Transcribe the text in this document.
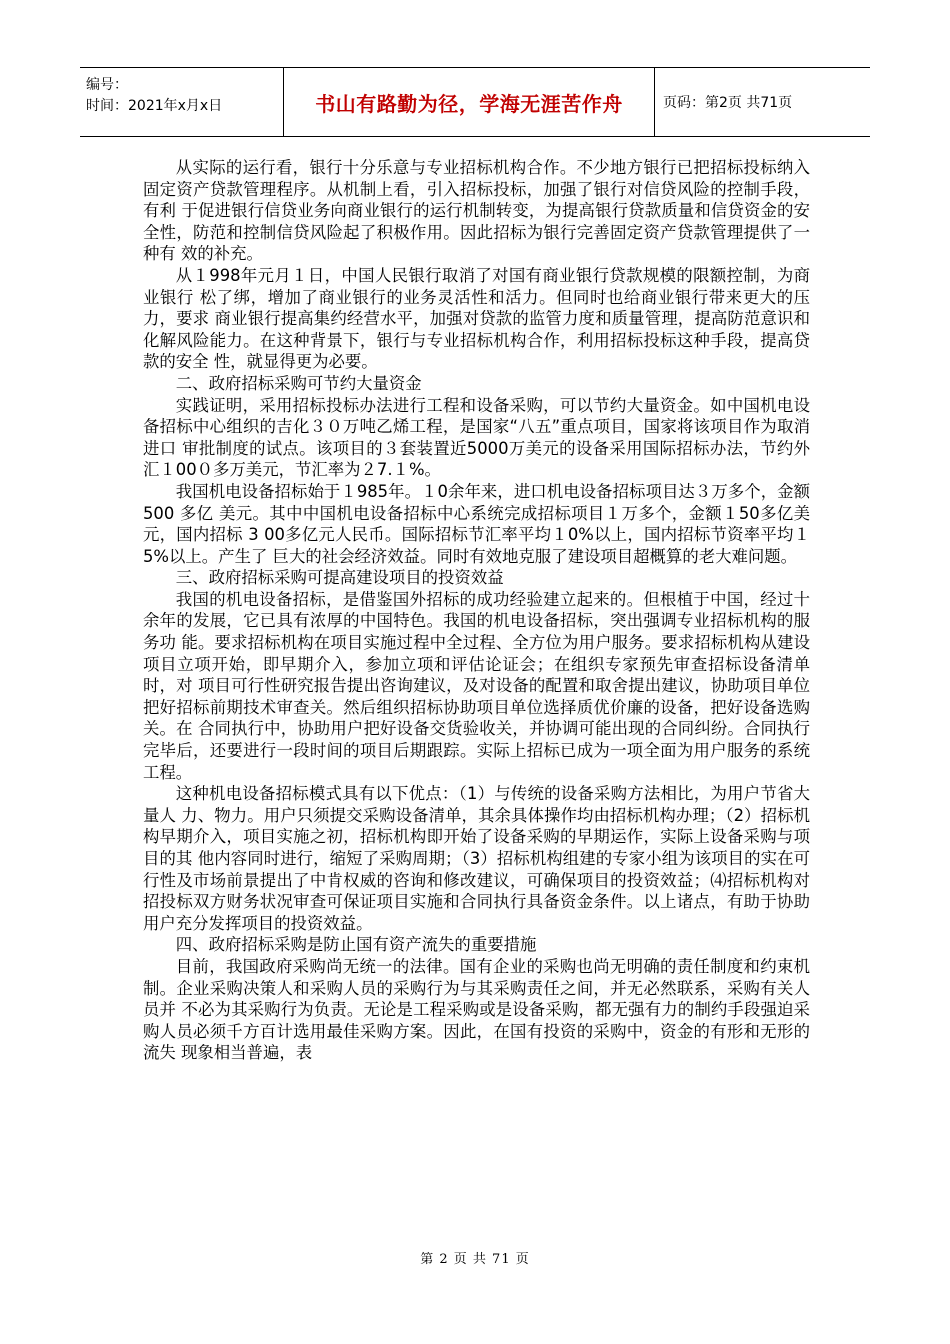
编号：
时间：2021年x月x日	书山有路勤为径，学海无涯苦作舟	页码：第2页 共71页

从实际的运行看，银行十分乐意与专业招标机构合作。不少地方银行已把招标投标纳入固定资产贷款管理程序。从机制上看，引入招标投标，加强了银行对信贷风险的控制手段，有利 于促进银行信贷业务向商业银行的运行机制转变，为提高银行贷款质量和信贷资金的安全性，防范和控制信贷风险起了积极作用。因此招标为银行完善固定资产贷款管理提供了一种有 效的补充。

从１998年元月１日，中国人民银行取消了对国有商业银行贷款规模的限额控制，为商业银行 松了绑，增加了商业银行的业务灵活性和活力。但同时也给商业银行带来更大的压力，要求 商业银行提高集约经营水平，加强对贷款的监管力度和质量管理，提高防范意识和化解风险能力。在这种背景下，银行与专业招标机构合作，利用招标投标这种手段，提高贷款的安全 性，就显得更为必要。

二、政府招标采购可节约大量资金

实践证明，采用招标投标办法进行工程和设备采购，可以节约大量资金。如中国机电设备招标中心组织的吉化３０万吨乙烯工程，是国家“八五”重点项目，国家将该项目作为取消进口 审批制度的试点。该项目的３套装置近5000万美元的设备采用国际招标办法，节约外汇１00０多万美元，节汇率为２7.１%。

我国机电设备招标始于１985年。１0余年来，进口机电设备招标项目达３万多个，金额500 多亿 美元。其中中国机电设备招标中心系统完成招标项目１万多个，金额１50多亿美元，国内招标 3 00多亿元人民币。国际招标节汇率平均１0%以上，国内招标节资率平均１5%以上。产生了 巨大的社会经济效益。同时有效地克服了建设项目超概算的老大难问题。

三、政府招标采购可提高建设项目的投资效益

我国的机电设备招标，是借鉴国外招标的成功经验建立起来的。但根植于中国，经过十余年的发展，它已具有浓厚的中国特色。我国的机电设备招标，突出强调专业招标机构的服务功 能。要求招标机构在项目实施过程中全过程、全方位为用户服务。要求招标机构从建设项目立项开始，即早期介入，参加立项和评估论证会；在组织专家预先审查招标设备清单时，对 项目可行性研究报告提出咨询建议，及对设备的配置和取舍提出建议，协助项目单位把好招标前期技术审查关。然后组织招标协助项目单位选择质优价廉的设备，把好设备选购关。在 合同执行中，协助用户把好设备交货验收关，并协调可能出现的合同纠纷。合同执行完毕后，还要进行一段时间的项目后期跟踪。实际上招标已成为一项全面为用户服务的系统工程。

这种机电设备招标模式具有以下优点：（1）与传统的设备采购方法相比，为用户节省大量人 力、物力。用户只须提交采购设备清单，其余具体操作均由招标机构办理；（2）招标机构早期介入，项目实施之初，招标机构即开始了设备采购的早期运作，实际上设备采购与项目的其 他内容同时进行，缩短了采购周期；（3）招标机构组建的专家小组为该项目的实在可行性及市场前景提出了中肯权威的咨询和修改建议，可确保项目的投资效益；⑷招标机构对招投标双方财务状况审查可保证项目实施和合同执行具备资金条件。以上诸点，有助于协助用户充分发挥项目的投资效益。

四、政府招标采购是防止国有资产流失的重要措施

目前，我国政府采购尚无统一的法律。国有企业的采购也尚无明确的责任制度和约束机制。企业采购决策人和采购人员的采购行为与其采购责任之间，并无必然联系，采购有关人员并 不必为其采购行为负责。无论是工程采购或是设备采购，都无强有力的制约手段强迫采购人员必须千方百计选用最佳采购方案。因此，在国有投资的采购中，资金的有形和无形的流失 现象相当普遍，表

第 2 页 共 71 页
